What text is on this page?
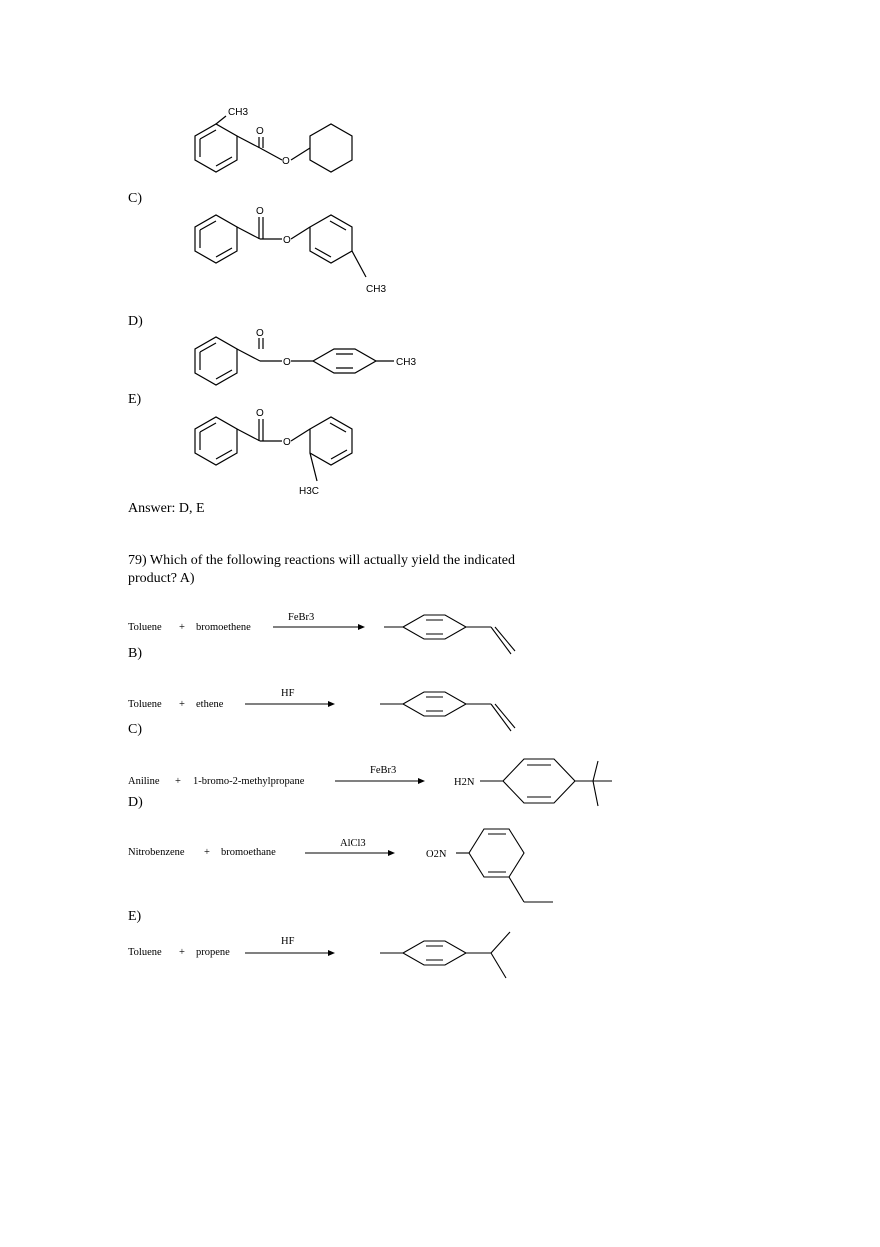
C)
D)
E)
Answer: D, E
79) Which of the following reactions will actually yield the indicated product? A)
B)
C)
D)
E)
CH3
O
O
O
O
CH3
O
O	CH3
O
O
H3C
Toluene + bromoethene
FeBr3
Toluene + ethene
HF
Aniline + 1-bromo-2-methylpropane
FeBr3
H2N
Nitrobenzene + bromoethane
AlCl3
O2N
Toluene + propene
HF
